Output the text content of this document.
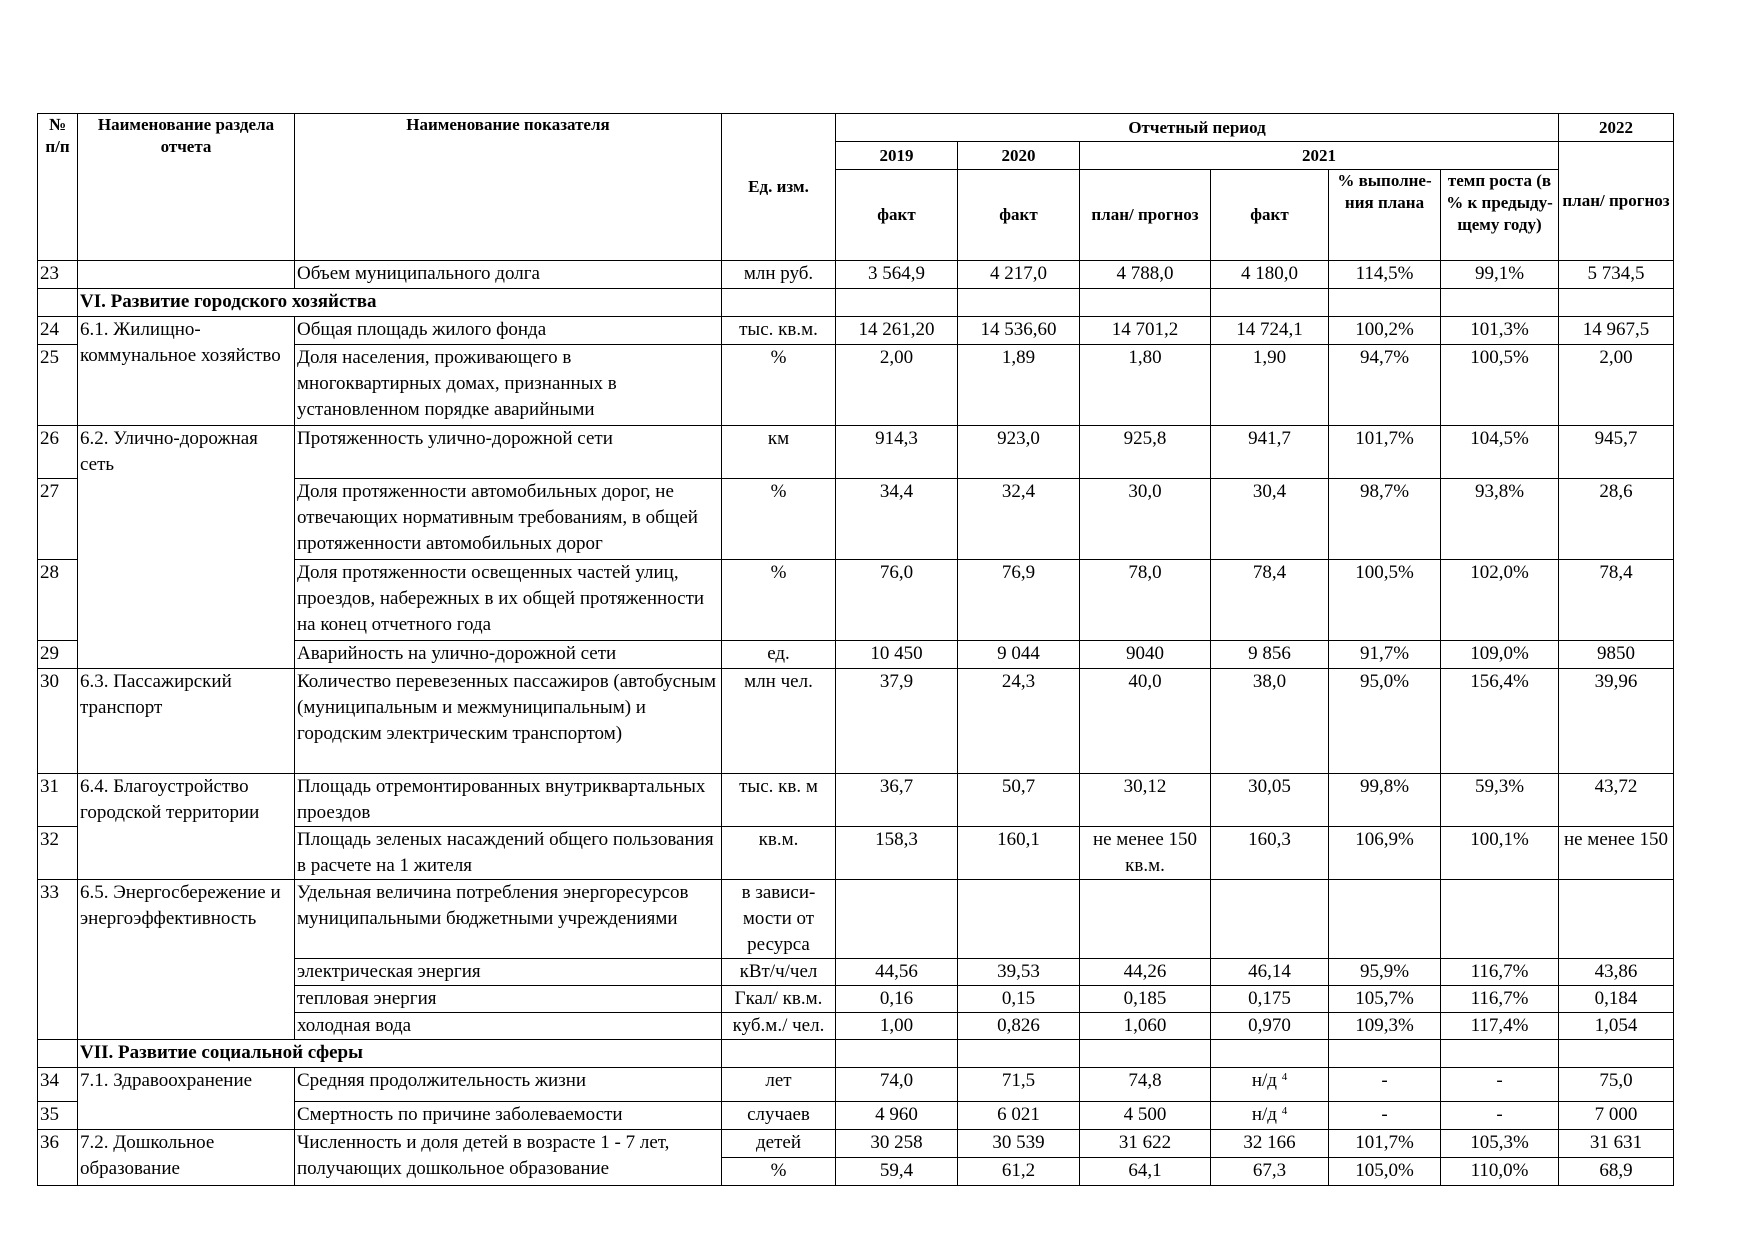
№ п/п	Наименование раздела отчета	Наименование показателя	Ед. изм.	Отчетный период						2022
				2019	2020	2021				план/ прогноз
				факт	факт	план/ прогноз	факт	% выполне-ния плана	темп роста (в % к предыду-щему году)	
23		Объем муниципального долга	млн руб.	3 564,9	4 217,0	4 788,0	4 180,0	114,5%	99,1%	5 734,5
	VI. Развитие городского хозяйства									
24	6.1. Жилищно-коммунальное хозяйство	Общая площадь жилого фонда	тыс. кв.м.	14 261,20	14 536,60	14 701,2	14 724,1	100,2%	101,3%	14 967,5
25		Доля населения, проживающего в многоквартирных домах, признанных в установленном порядке аварийными	%	2,00	1,89	1,80	1,90	94,7%	100,5%	2,00
26	6.2. Улично-дорожная сеть	Протяженность улично-дорожной сети	км	914,3	923,0	925,8	941,7	101,7%	104,5%	945,7
27		Доля протяженности автомобильных дорог, не отвечающих нормативным требованиям, в общей протяженности автомобильных дорог	%	34,4	32,4	30,0	30,4	98,7%	93,8%	28,6
28		Доля протяженности освещенных частей улиц, проездов, набережных в их общей протяженности на конец отчетного года	%	76,0	76,9	78,0	78,4	100,5%	102,0%	78,4
29		Аварийность на улично-дорожной сети	ед.	10 450	9 044	9040	9 856	91,7%	109,0%	9850
30	6.3. Пассажирский транспорт	Количество перевезенных пассажиров (автобусным (муниципальным и межмуниципальным) и городским электрическим транспортом)	млн чел.	37,9	24,3	40,0	38,0	95,0%	156,4%	39,96
31	6.4. Благоустройство городской территории	Площадь отремонтированных внутриквартальных проездов	тыс. кв. м	36,7	50,7	30,12	30,05	99,8%	59,3%	43,72
32		Площадь зеленых насаждений общего пользования в расчете на 1 жителя	кв.м.	158,3	160,1	не менее 150 кв.м.	160,3	106,9%	100,1%	не менее 150
33	6.5. Энергосбережение и энергоэффективность	Удельная величина потребления энергоресурсов муниципальными бюджетными учреждениями	в зависи-мости от ресурса							
		электрическая энергия	кВт/ч/чел	44,56	39,53	44,26	46,14	95,9%	116,7%	43,86
		тепловая энергия	Гкал/ кв.м.	0,16	0,15	0,185	0,175	105,7%	116,7%	0,184
		холодная вода	куб.м./ чел.	1,00	0,826	1,060	0,970	109,3%	117,4%	1,054
	VII. Развитие социальной сферы									
34	7.1. Здравоохранение	Средняя продолжительность жизни	лет	74,0	71,5	74,8	н/д $^4$	-	-	75,0
35		Смертность по причине заболеваемости	случаев	4 960	6 021	4 500	н/д $^4$	-	-	7 000
36	7.2. Дошкольное образование	Численность и доля детей в возрасте 1 - 7 лет, получающих дошкольное образование	детей	30 258	30 539	31 622	32 166	101,7%	105,3%	31 631
			%	59,4	61,2	64,1	67,3	105,0%	110,0%	68,9
